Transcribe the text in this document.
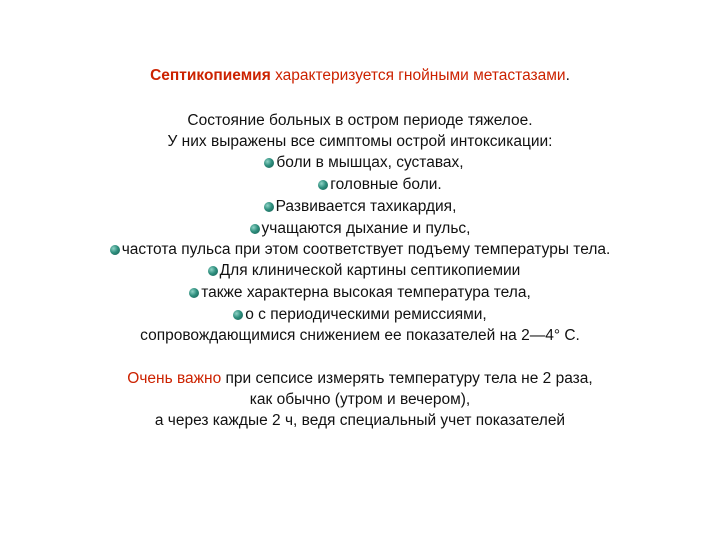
Септикопиемия характеризуется гнойными метастазами.
Состояние больных в остром периоде тяжелое.
У них выражены все симптомы острой интоксикации:
боли в мышцах, суставах,
головные боли.
Развивается тахикардия,
учащаются дыхание и пульс,
частота пульса при этом соответствует подъему температуры тела.
Для клинической картины септикопиемии
также характерна высокая температура тела,
о с периодическими ремиссиями,
сопровождающимися снижением ее показателей на 2—4° С.
Очень важно при сепсисе измерять температуру тела не 2 раза,
как обычно (утром и вечером),
а через каждые 2 ч, ведя специальный учет показателей
